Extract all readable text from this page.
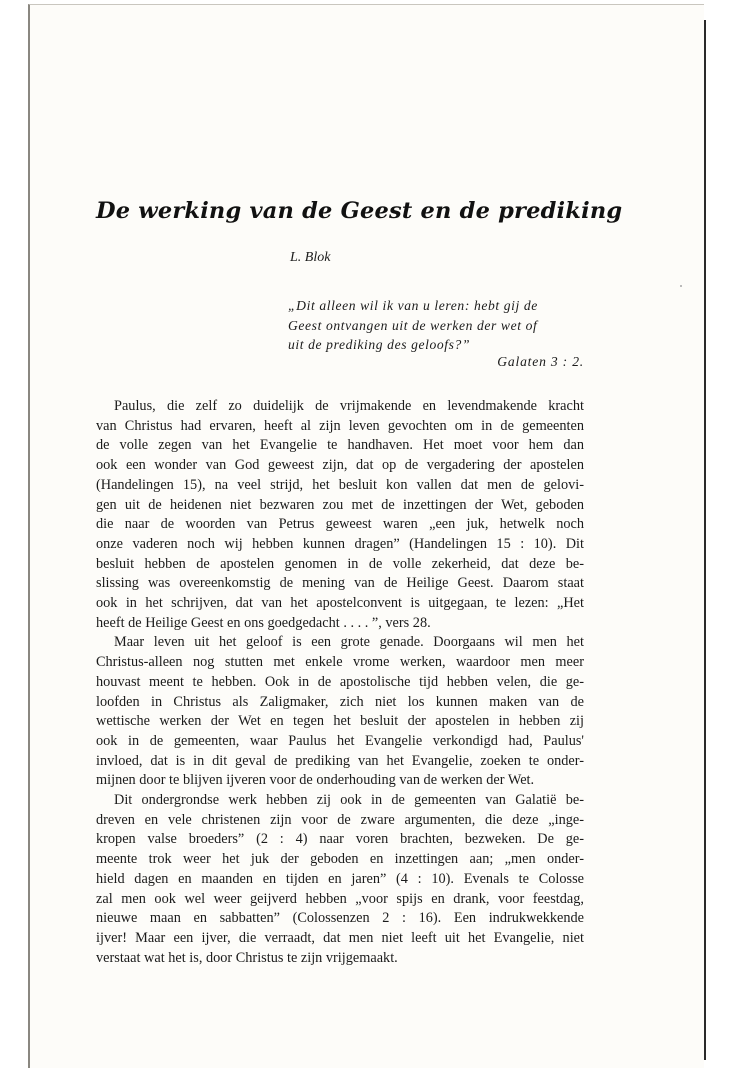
De werking van de Geest en de prediking
L. Blok
„Dit alleen wil ik van u leren: hebt gij de
Geest ontvangen uit de werken der wet of
uit de prediking des geloofs?”
Galaten 3 : 2.
Paulus, die zelf zo duidelijk de vrijmakende en levendmakende kracht
van Christus had ervaren, heeft al zijn leven gevochten om in de gemeenten
de volle zegen van het Evangelie te handhaven. Het moet voor hem dan
ook een wonder van God geweest zijn, dat op de vergadering der apostelen
(Handelingen 15), na veel strijd, het besluit kon vallen dat men de gelovi-
gen uit de heidenen niet bezwaren zou met de inzettingen der Wet, geboden
die naar de woorden van Petrus geweest waren „een juk, hetwelk noch
onze vaderen noch wij hebben kunnen dragen” (Handelingen 15 : 10). Dit
besluit hebben de apostelen genomen in de volle zekerheid, dat deze be-
slissing was overeenkomstig de mening van de Heilige Geest. Daarom staat
ook in het schrijven, dat van het apostelconvent is uitgegaan, te lezen: „Het
heeft de Heilige Geest en ons goedgedacht . . . . ”, vers 28.
Maar leven uit het geloof is een grote genade. Doorgaans wil men het
Christus-alleen nog stutten met enkele vrome werken, waardoor men meer
houvast meent te hebben. Ook in de apostolische tijd hebben velen, die ge-
loofden in Christus als Zaligmaker, zich niet los kunnen maken van de
wettische werken der Wet en tegen het besluit der apostelen in hebben zij
ook in de gemeenten, waar Paulus het Evangelie verkondigd had, Paulus'
invloed, dat is in dit geval de prediking van het Evangelie, zoeken te onder-
mijnen door te blijven ijveren voor de onderhouding van de werken der Wet.
Dit ondergrondse werk hebben zij ook in de gemeenten van Galatië be-
dreven en vele christenen zijn voor de zware argumenten, die deze „inge-
kropen valse broeders” (2 : 4) naar voren brachten, bezweken. De ge-
meente trok weer het juk der geboden en inzettingen aan; „men onder-
hield dagen en maanden en tijden en jaren” (4 : 10). Evenals te Colosse
zal men ook wel weer geijverd hebben „voor spijs en drank, voor feestdag,
nieuwe maan en sabbatten” (Colossenzen 2 : 16). Een indrukwekkende
ijver! Maar een ijver, die verraadt, dat men niet leeft uit het Evangelie, niet
verstaat wat het is, door Christus te zijn vrijgemaakt.
